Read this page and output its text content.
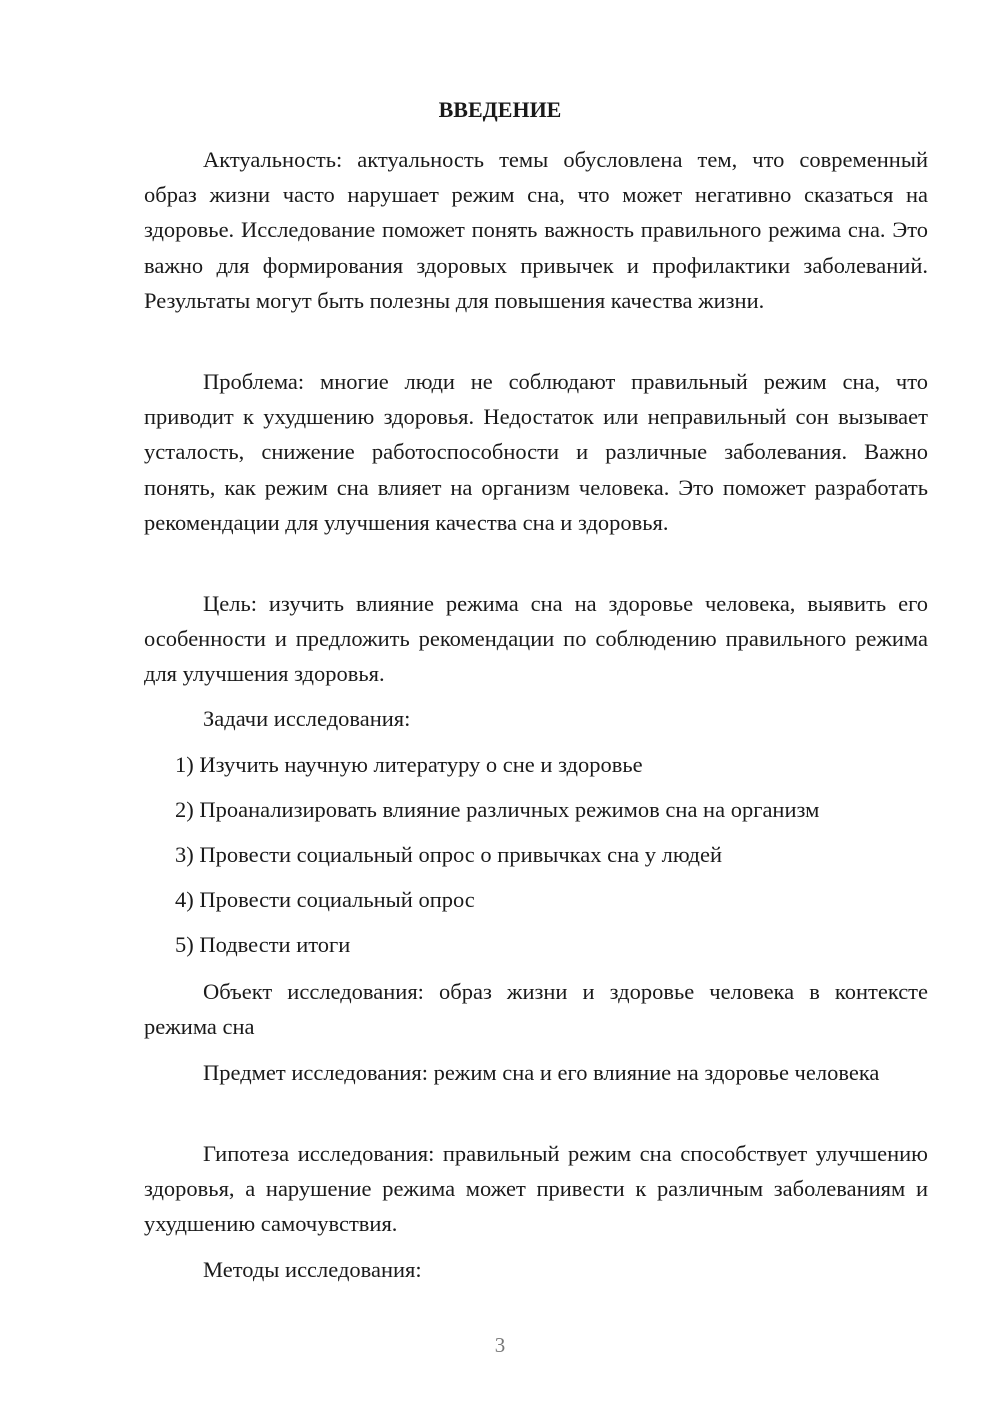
ВВЕДЕНИЕ
Актуальность: актуальность темы обусловлена тем, что современный образ жизни часто нарушает режим сна, что может негативно сказаться на здоровье. Исследование поможет понять важность правильного режима сна. Это важно для формирования здоровых привычек и профилактики заболеваний. Результаты могут быть полезны для повышения качества жизни.
Проблема: многие люди не соблюдают правильный режим сна, что приводит к ухудшению здоровья. Недостаток или неправильный сон вызывает усталость, снижение работоспособности и различные заболевания. Важно понять, как режим сна влияет на организм человека. Это поможет разработать рекомендации для улучшения качества сна и здоровья.
Цель: изучить влияние режима сна на здоровье человека, выявить его особенности и предложить рекомендации по соблюдению правильного режима для улучшения здоровья.
Задачи исследования:
1) Изучить научную литературу о сне и здоровье
2) Проанализировать влияние различных режимов сна на организм
3) Провести социальный опрос о привычках сна у людей
4) Провести социальный опрос
5) Подвести итоги
Объект исследования: образ жизни и здоровье человека в контексте режима сна
Предмет исследования: режим сна и его влияние на здоровье человека
Гипотеза исследования: правильный режим сна способствует улучшению здоровья, а нарушение режима может привести к различным заболеваниям и ухудшению самочувствия.
Методы исследования:
3
